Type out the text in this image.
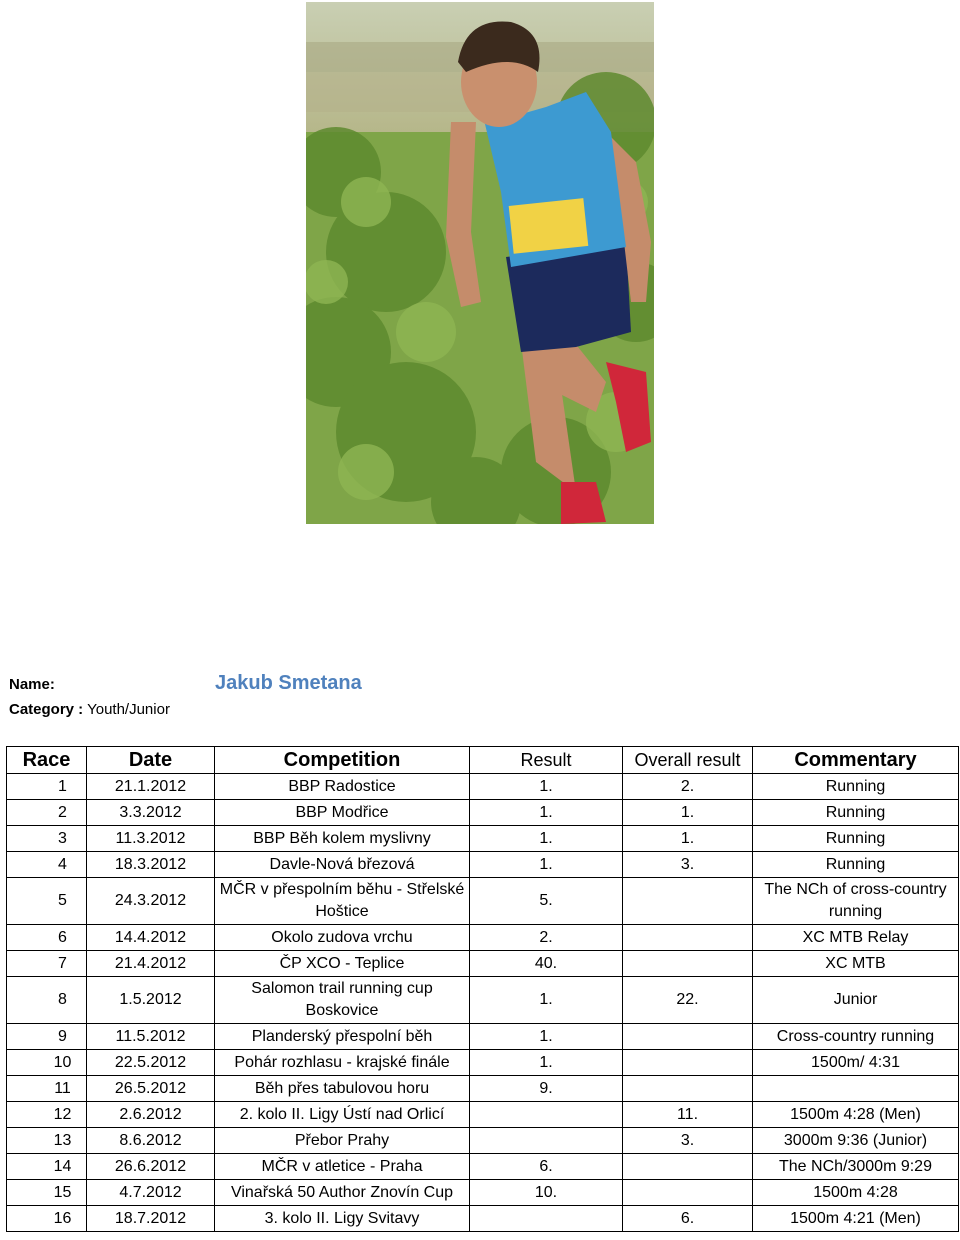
Name:	Jakub Smetana
Category : Youth/Junior
Race	Date	Competition	Result	Overall result	Commentary
1	21.1.2012	BBP Radostice	1.	2.	Running
2	3.3.2012	BBP Modřice	1.	1.	Running
3	11.3.2012	BBP Běh kolem myslivny	1.	1.	Running
4	18.3.2012	Davle-Nová březová	1.	3.	Running
5	24.3.2012	MČR v přespolním běhu - Střelské Hoštice	5.		The NCh of cross-country running
6	14.4.2012	Okolo zudova vrchu	2.		XC MTB Relay
7	21.4.2012	ČP XCO - Teplice	40.		XC MTB
8	1.5.2012	Salomon trail running cup Boskovice	1.	22.	Junior
9	11.5.2012	Planderský přespolní běh	1.		Cross-country running
10	22.5.2012	Pohár rozhlasu - krajské finále	1.		1500m/ 4:31
11	26.5.2012	Běh přes tabulovou horu	9.		
12	2.6.2012	2. kolo II. Ligy Ústí nad Orlicí		11.	1500m 4:28 (Men)
13	8.6.2012	Přebor Prahy		3.	3000m 9:36 (Junior)
14	26.6.2012	MČR v atletice - Praha	6.		The NCh/3000m 9:29
15	4.7.2012	Vinařská 50 Author Znovín Cup	10.		1500m 4:28
16	18.7.2012	3. kolo II. Ligy Svitavy		6.	1500m 4:21 (Men)
